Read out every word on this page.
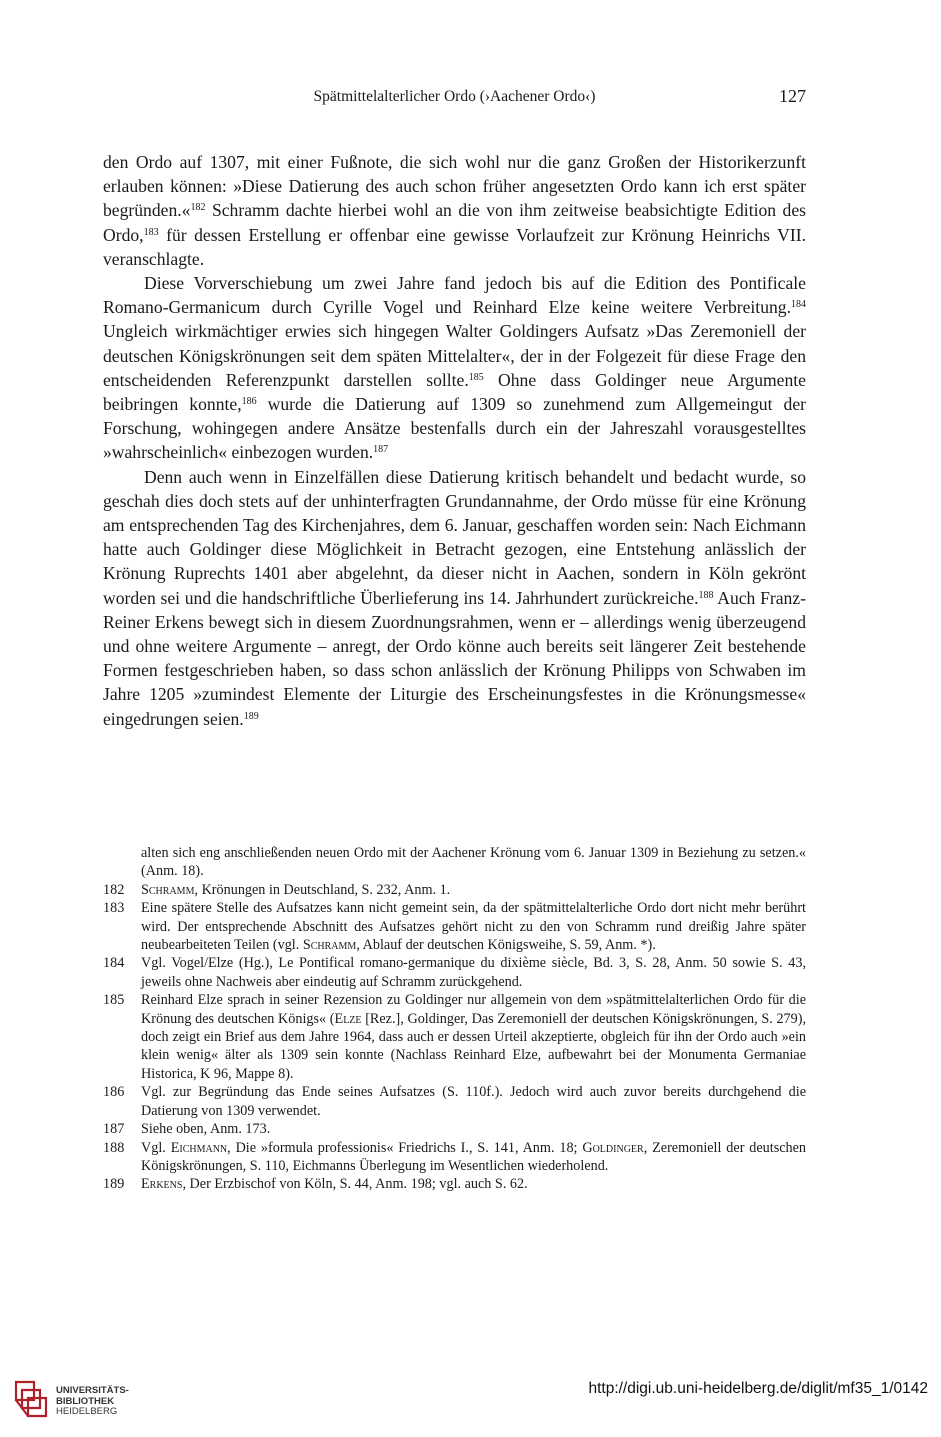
Spätmittelalterlicher Ordo (›Aachener Ordo‹)	127

den Ordo auf 1307, mit einer Fußnote, die sich wohl nur die ganz Großen der Historikerzunft erlauben können: »Diese Datierung des auch schon früher angesetzten Ordo kann ich erst später begründen.«$^{182}$ Schramm dachte hierbei wohl an die von ihm zeitweise beabsichtigte Edition des Ordo,$^{183}$ für dessen Erstellung er offenbar eine gewisse Vorlaufzeit zur Krönung Heinrichs VII. veranschlagte.

Diese Vorverschiebung um zwei Jahre fand jedoch bis auf die Edition des Pontificale Romano-Germanicum durch Cyrille Vogel und Reinhard Elze keine weitere Verbreitung.$^{184}$ Ungleich wirkmächtiger erwies sich hingegen Walter Goldingers Aufsatz »Das Zeremoniell der deutschen Königskrönungen seit dem späten Mittelalter«, der in der Folgezeit für diese Frage den entscheidenden Referenzpunkt darstellen sollte.$^{185}$ Ohne dass Goldinger neue Argumente beibringen konnte,$^{186}$ wurde die Datierung auf 1309 so zunehmend zum Allgemeingut der Forschung, wohingegen andere Ansätze bestenfalls durch ein der Jahreszahl vorausgestelltes »wahrscheinlich« einbezogen wurden.$^{187}$

Denn auch wenn in Einzelfällen diese Datierung kritisch behandelt und bedacht wurde, so geschah dies doch stets auf der unhinterfragten Grundannahme, der Ordo müsse für eine Krönung am entsprechenden Tag des Kirchenjahres, dem 6. Januar, geschaffen worden sein: Nach Eichmann hatte auch Goldinger diese Möglichkeit in Betracht gezogen, eine Entstehung anlässlich der Krönung Ruprechts 1401 aber abgelehnt, da dieser nicht in Aachen, sondern in Köln gekrönt worden sei und die handschriftliche Überlieferung ins 14. Jahrhundert zurückreiche.$^{188}$ Auch Franz-Reiner Erkens bewegt sich in diesem Zuordnungsrahmen, wenn er – allerdings wenig überzeugend und ohne weitere Argumente – anregt, der Ordo könne auch bereits seit längerer Zeit bestehende Formen festgeschrieben haben, so dass schon anlässlich der Krönung Philipps von Schwaben im Jahre 1205 »zumindest Elemente der Liturgie des Erscheinungsfestes in die Krönungsmesse« eingedrungen seien.$^{189}$

alten sich eng anschließenden neuen Ordo mit der Aachener Krönung vom 6. Januar 1309 in Beziehung zu setzen.« (Anm. 18).
182	Schramm, Krönungen in Deutschland, S. 232, Anm. 1.
183	Eine spätere Stelle des Aufsatzes kann nicht gemeint sein, da der spätmittelalterliche Ordo dort nicht mehr berührt wird. Der entsprechende Abschnitt des Aufsatzes gehört nicht zu den von Schramm rund dreißig Jahre später neubearbeiteten Teilen (vgl. Schramm, Ablauf der deutschen Königsweihe, S. 59, Anm. *).
184	Vgl. Vogel/Elze (Hg.), Le Pontifical romano-germanique du dixième siècle, Bd. 3, S. 28, Anm. 50 sowie S. 43, jeweils ohne Nachweis aber eindeutig auf Schramm zurückgehend.
185	Reinhard Elze sprach in seiner Rezension zu Goldinger nur allgemein von dem »spätmittelalterlichen Ordo für die Krönung des deutschen Königs« (Elze [Rez.], Goldinger, Das Zeremoniell der deutschen Königskrönungen, S. 279), doch zeigt ein Brief aus dem Jahre 1964, dass auch er dessen Urteil akzeptierte, obgleich für ihn der Ordo auch »ein klein wenig« älter als 1309 sein konnte (Nachlass Reinhard Elze, aufbewahrt bei der Monumenta Germaniae Historica, K 96, Mappe 8).
186	Vgl. zur Begründung das Ende seines Aufsatzes (S. 110f.). Jedoch wird auch zuvor bereits durchgehend die Datierung von 1309 verwendet.
187	Siehe oben, Anm. 173.
188	Vgl. Eichmann, Die »formula professionis« Friedrichs I., S. 141, Anm. 18; Goldinger, Zeremoniell der deutschen Königskrönungen, S. 110, Eichmanns Überlegung im Wesentlichen wiederholend.
189	Erkens, Der Erzbischof von Köln, S. 44, Anm. 198; vgl. auch S. 62.
UNIVERSITÄTS-
BIBLIOTHEK
HEIDELBERG
http://digi.ub.uni-heidelberg.de/diglit/mf35_1/0142
